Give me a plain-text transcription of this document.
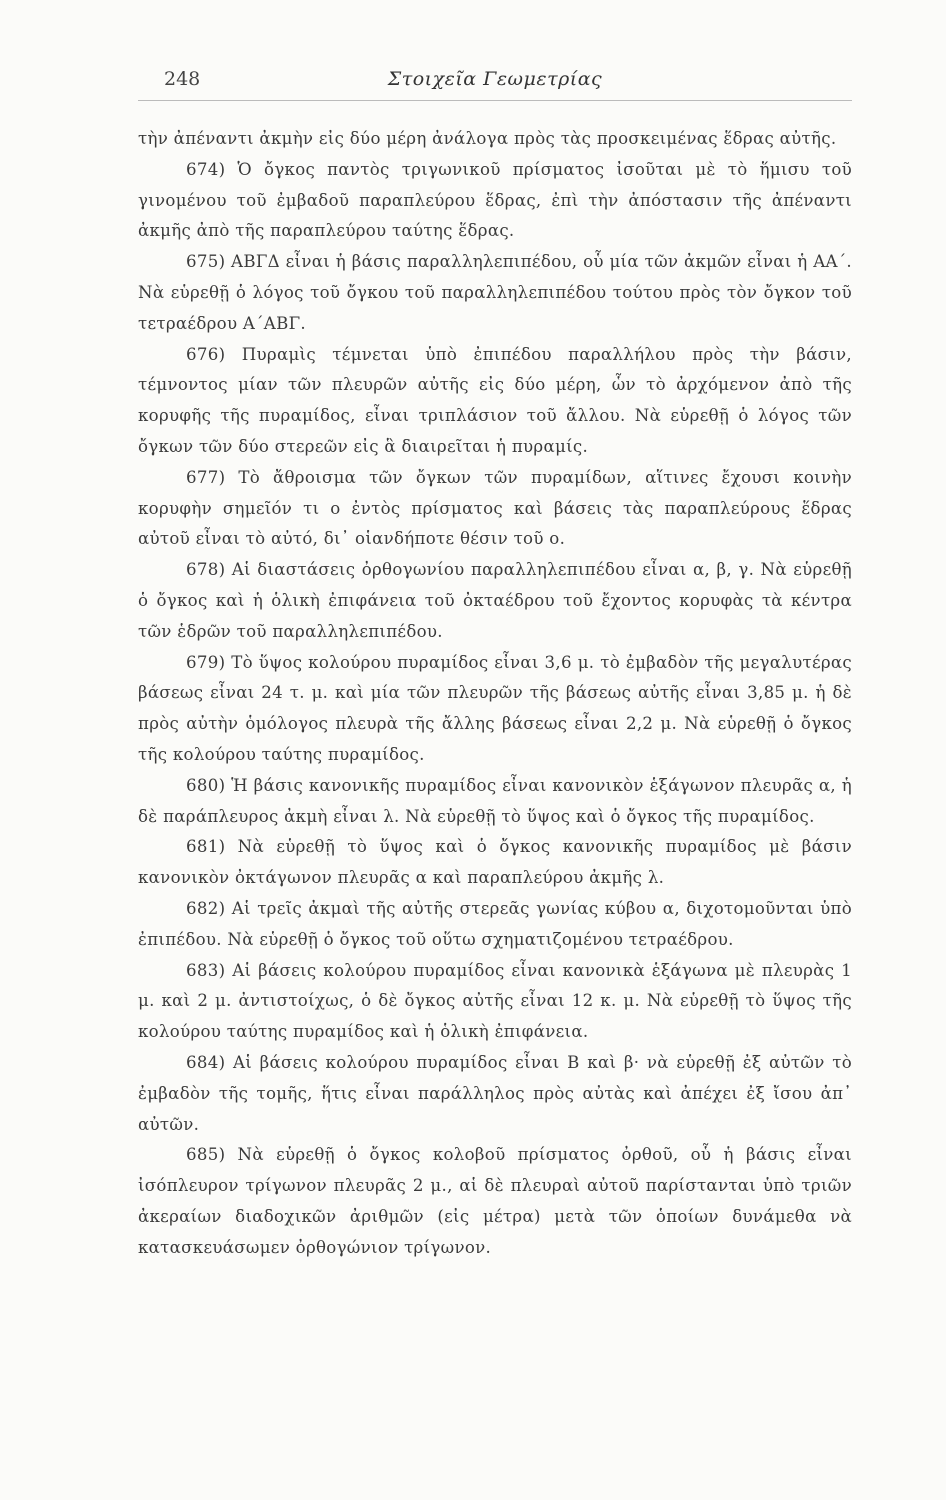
248	Στοιχεῖα Γεωμετρίας

τὴν ἀπέναντι ἀκμὴν εἰς δύο μέρη ἀνάλογα πρὸς τὰς προσκειμένας ἕδρας αὐτῆς.

674) Ὁ ὄγκος παντὸς τριγωνικοῦ πρίσματος ἰσοῦται μὲ τὸ ἥμισυ τοῦ γινομένου τοῦ ἐμβαδοῦ παραπλεύρου ἕδρας, ἐπὶ τὴν ἀπόστασιν τῆς ἀπέναντι ἀκμῆς ἀπὸ τῆς παραπλεύρου ταύτης ἕδρας.

675) ΑΒΓΔ εἶναι ἡ βάσις παραλληλεπιπέδου, οὗ μία τῶν ἀκμῶν εἶναι ἡ ΑΑ΄. Νὰ εὑρεθῇ ὁ λόγος τοῦ ὄγκου τοῦ παραλληλεπιπέδου τούτου πρὸς τὸν ὄγκον τοῦ τετραέδρου Α΄ΑΒΓ.

676) Πυραμὶς τέμνεται ὑπὸ ἐπιπέδου παραλλήλου πρὸς τὴν βάσιν, τέμνοντος μίαν τῶν πλευρῶν αὐτῆς εἰς δύο μέρη, ὧν τὸ ἀρχόμενον ἀπὸ τῆς κορυφῆς τῆς πυραμίδος, εἶναι τριπλάσιον τοῦ ἄλλου. Νὰ εὑρεθῇ ὁ λόγος τῶν ὄγκων τῶν δύο στερεῶν εἰς ἃ διαιρεῖται ἡ πυραμίς.

677) Τὸ ἄθροισμα τῶν ὄγκων τῶν πυραμίδων, αἵτινες ἔχουσι κοινὴν κορυφὴν σημεῖόν τι ο ἐντὸς πρίσματος καὶ βάσεις τὰς παραπλεύρους ἕδρας αὐτοῦ εἶναι τὸ αὐτό, δι᾽ οἱανδήποτε θέσιν τοῦ ο.

678) Αἱ διαστάσεις ὀρθογωνίου παραλληλεπιπέδου εἶναι α, β, γ. Νὰ εὑρεθῇ ὁ ὄγκος καὶ ἡ ὁλικὴ ἐπιφάνεια τοῦ ὀκταέδρου τοῦ ἔχοντος κορυφὰς τὰ κέντρα τῶν ἑδρῶν τοῦ παραλληλεπιπέδου.

679) Τὸ ὕψος κολούρου πυραμίδος εἶναι 3,6 μ. τὸ ἐμβαδὸν τῆς μεγαλυτέρας βάσεως εἶναι 24 τ. μ. καὶ μία τῶν πλευρῶν τῆς βάσεως αὐτῆς εἶναι 3,85 μ. ἡ δὲ πρὸς αὐτὴν ὁμόλογος πλευρὰ τῆς ἄλλης βάσεως εἶναι 2,2 μ. Νὰ εὑρεθῇ ὁ ὄγκος τῆς κολούρου ταύτης πυραμίδος.

680) Ἡ βάσις κανονικῆς πυραμίδος εἶναι κανονικὸν ἑξάγωνον πλευρᾶς α, ἡ δὲ παράπλευρος ἀκμὴ εἶναι λ. Νὰ εὑρεθῇ τὸ ὕψος καὶ ὁ ὄγκος τῆς πυραμίδος.

681) Νὰ εὑρεθῇ τὸ ὕψος καὶ ὁ ὄγκος κανονικῆς πυραμίδος μὲ βάσιν κανονικὸν ὀκτάγωνον πλευρᾶς α καὶ παραπλεύρου ἀκμῆς λ.

682) Αἱ τρεῖς ἀκμαὶ τῆς αὐτῆς στερεᾶς γωνίας κύβου α, διχοτομοῦνται ὑπὸ ἐπιπέδου. Νὰ εὑρεθῇ ὁ ὄγκος τοῦ οὕτω σχηματιζομένου τετραέδρου.

683) Αἱ βάσεις κολούρου πυραμίδος εἶναι κανονικὰ ἑξάγωνα μὲ πλευρὰς 1 μ. καὶ 2 μ. ἀντιστοίχως, ὁ δὲ ὄγκος αὐτῆς εἶναι 12 κ. μ. Νὰ εὑρεθῇ τὸ ὕψος τῆς κολούρου ταύτης πυραμίδος καὶ ἡ ὁλικὴ ἐπιφάνεια.

684) Αἱ βάσεις κολούρου πυραμίδος εἶναι Β καὶ β· νὰ εὑρεθῇ ἐξ αὐτῶν τὸ ἐμβαδὸν τῆς τομῆς, ἥτις εἶναι παράλληλος πρὸς αὐτὰς καὶ ἀπέχει ἐξ ἴσου ἀπ᾽ αὐτῶν.

685) Νὰ εὑρεθῇ ὁ ὄγκος κολοβοῦ πρίσματος ὀρθοῦ, οὗ ἡ βάσις εἶναι ἰσόπλευρον τρίγωνον πλευρᾶς 2 μ., αἱ δὲ πλευραὶ αὐτοῦ παρίστανται ὑπὸ τριῶν ἀκεραίων διαδοχικῶν ἀριθμῶν (εἰς μέτρα) μετὰ τῶν ὁποίων δυνάμεθα νὰ κατασκευάσωμεν ὀρθογώνιον τρίγωνον.
